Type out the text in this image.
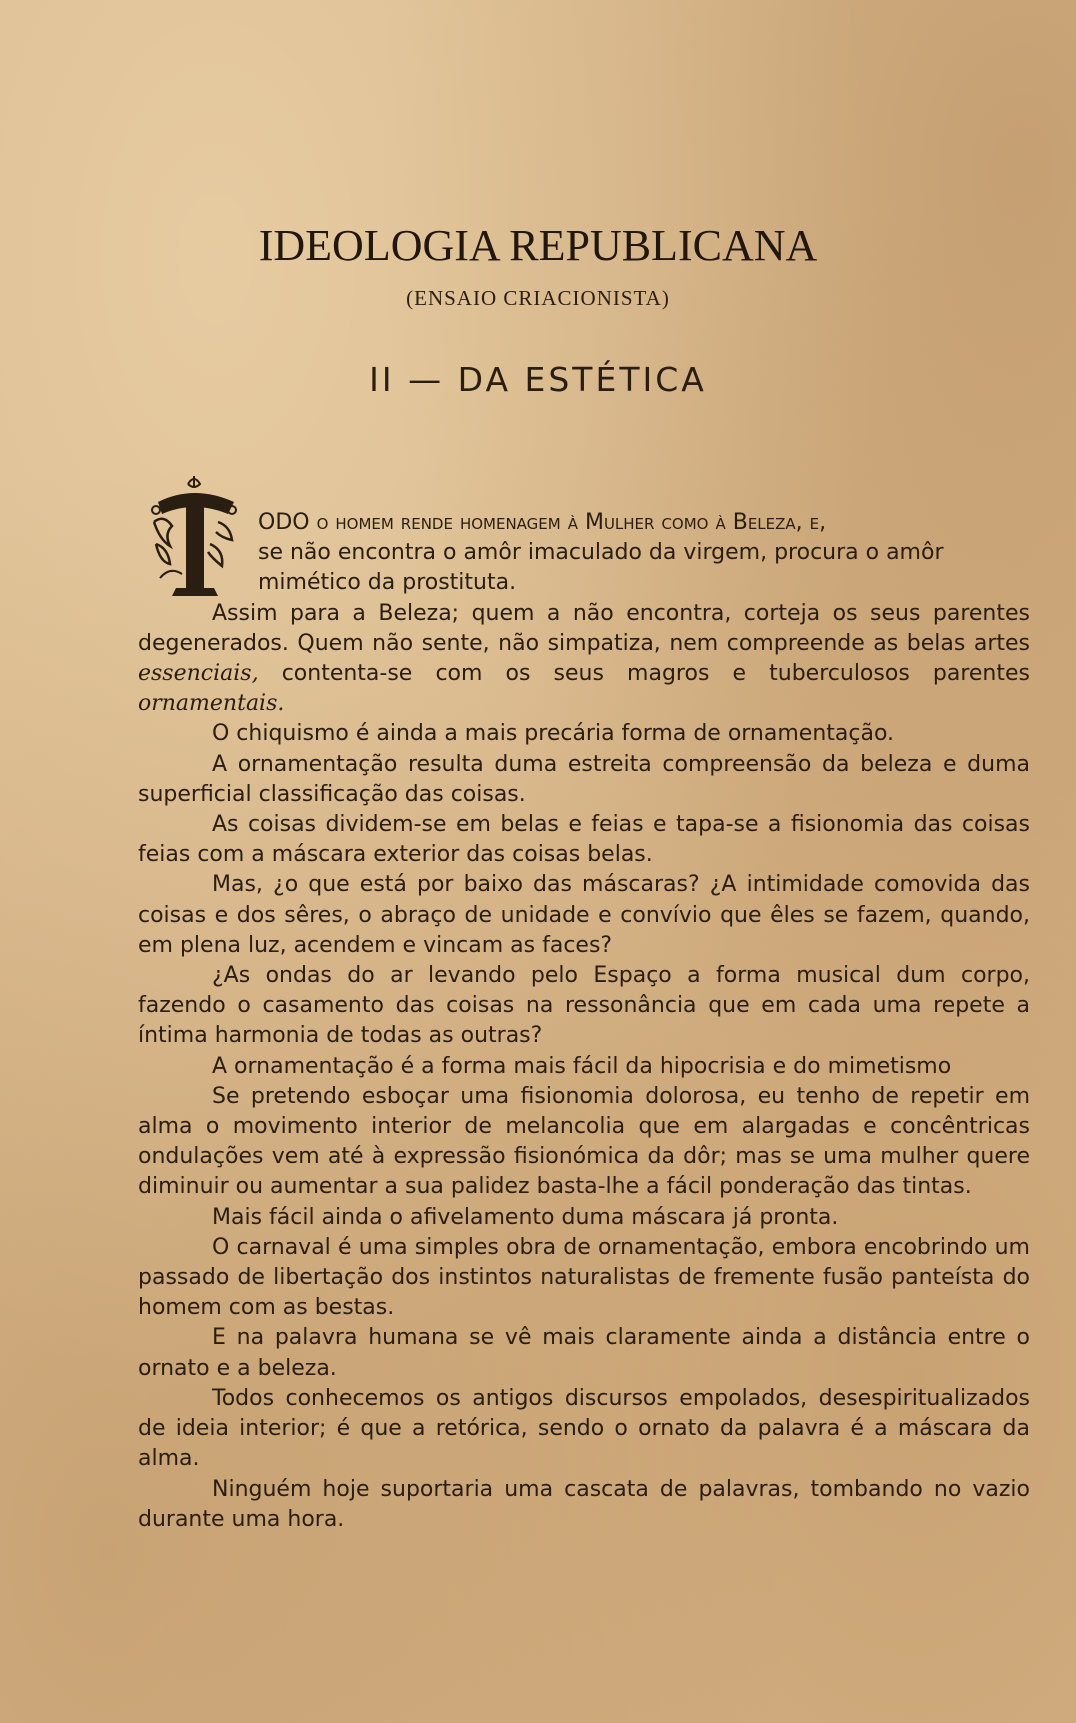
IDEOLOGIA REPUBLICANA
(ENSAIO CRIACIONISTA)
II — DA ESTÉTICA

ODO o homem rende homenagem à Mulher como à Beleza, e,
se não encontra o amôr imaculado da virgem, procura o amôr
mimético da prostituta.

Assim para a Beleza; quem a não encontra, corteja os seus parentes degenerados. Quem não sente, não simpatiza, nem compreende as belas artes essenciais, contenta-se com os seus magros e tuberculosos parentes ornamentais.

O chiquismo é ainda a mais precária forma de ornamentação.

A ornamentação resulta duma estreita compreensão da beleza e duma superficial classificação das coisas.

As coisas dividem-se em belas e feias e tapa-se a fisionomia das coisas feias com a máscara exterior das coisas belas.

Mas, ¿o que está por baixo das máscaras? ¿A intimidade comovida das coisas e dos sêres, o abraço de unidade e convívio que êles se fazem, quando, em plena luz, acendem e vincam as faces?

¿As ondas do ar levando pelo Espaço a forma musical dum corpo, fazendo o casamento das coisas na ressonância que em cada uma repete a íntima harmonia de todas as outras?

A ornamentação é a forma mais fácil da hipocrisia e do mimetismo

Se pretendo esboçar uma fisionomia dolorosa, eu tenho de repetir em alma o movimento interior de melancolia que em alargadas e concêntricas ondulações vem até à expressão fisionómica da dôr; mas se uma mulher quere diminuir ou aumentar a sua palidez basta-lhe a fácil ponderação das tintas.

Mais fácil ainda o afivelamento duma máscara já pronta.

O carnaval é uma simples obra de ornamentação, embora encobrindo um passado de libertação dos instintos naturalistas de fremente fusão panteísta do homem com as bestas.

E na palavra humana se vê mais claramente ainda a distância entre o ornato e a beleza.

Todos conhecemos os antigos discursos empolados, desespiritualizados de ideia interior; é que a retórica, sendo o ornato da palavra é a máscara da alma.

Ninguém hoje suportaria uma cascata de palavras, tombando no vazio durante uma hora.
